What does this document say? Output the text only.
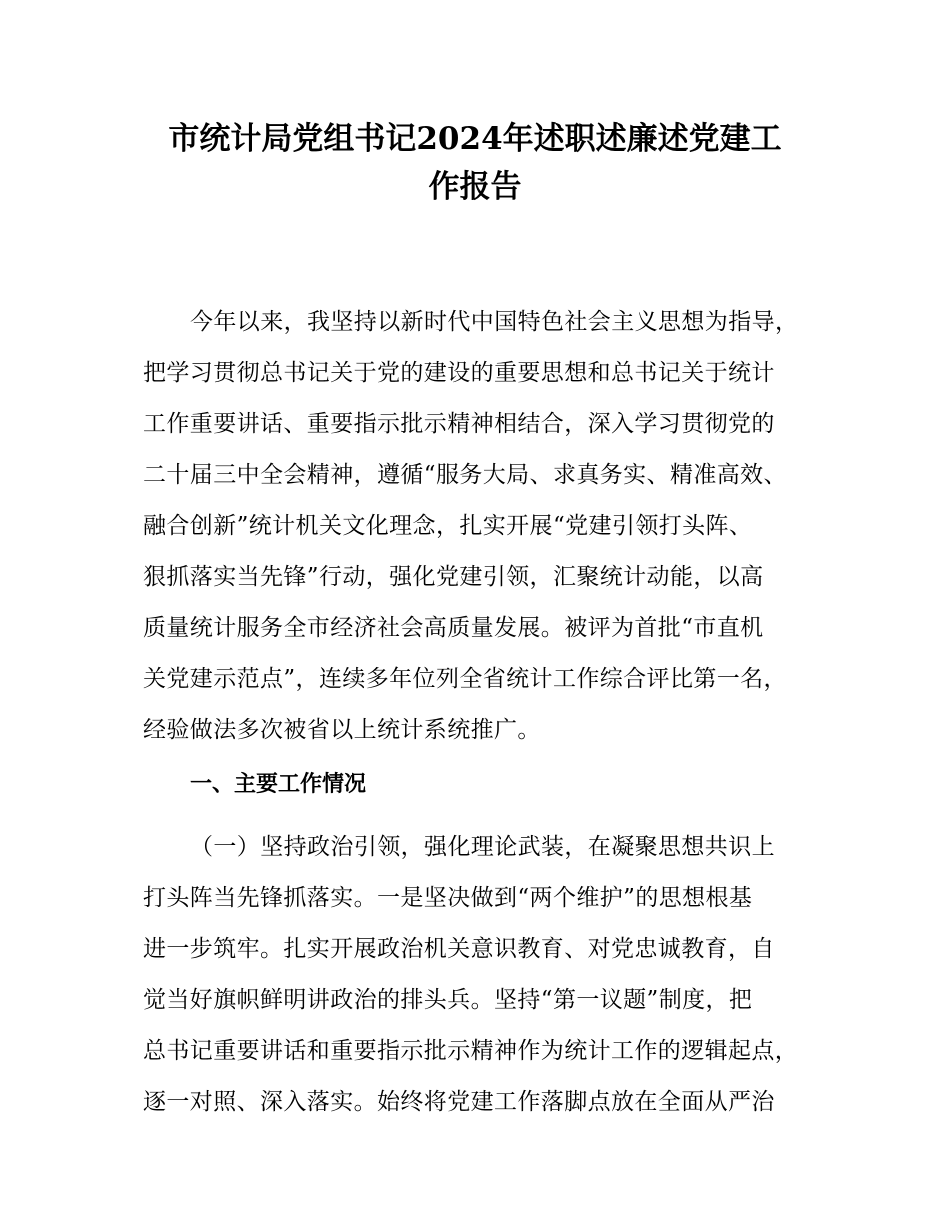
市统计局党组书记2024年述职述廉述党建工
作报告

今年以来，我坚持以新时代中国特色社会主义思想为指导，

把学习贯彻总书记关于党的建设的重要思想和总书记关于统计

工作重要讲话、重要指示批示精神相结合，深入学习贯彻党的

二十届三中全会精神，遵循“服务大局、求真务实、精准高效、

融合创新”统计机关文化理念，扎实开展“党建引领打头阵、

狠抓落实当先锋”行动，强化党建引领，汇聚统计动能，以高

质量统计服务全市经济社会高质量发展。被评为首批“市直机

关党建示范点”，连续多年位列全省统计工作综合评比第一名，

经验做法多次被省以上统计系统推广。

一、主要工作情况

（一）坚持政治引领，强化理论武装，在凝聚思想共识上

打头阵当先锋抓落实。一是坚决做到“两个维护”的思想根基

进一步筑牢。扎实开展政治机关意识教育、对党忠诚教育，自

觉当好旗帜鲜明讲政治的排头兵。坚持“第一议题”制度，把

总书记重要讲话和重要指示批示精神作为统计工作的逻辑起点，

逐一对照、深入落实。始终将党建工作落脚点放在全面从严治
